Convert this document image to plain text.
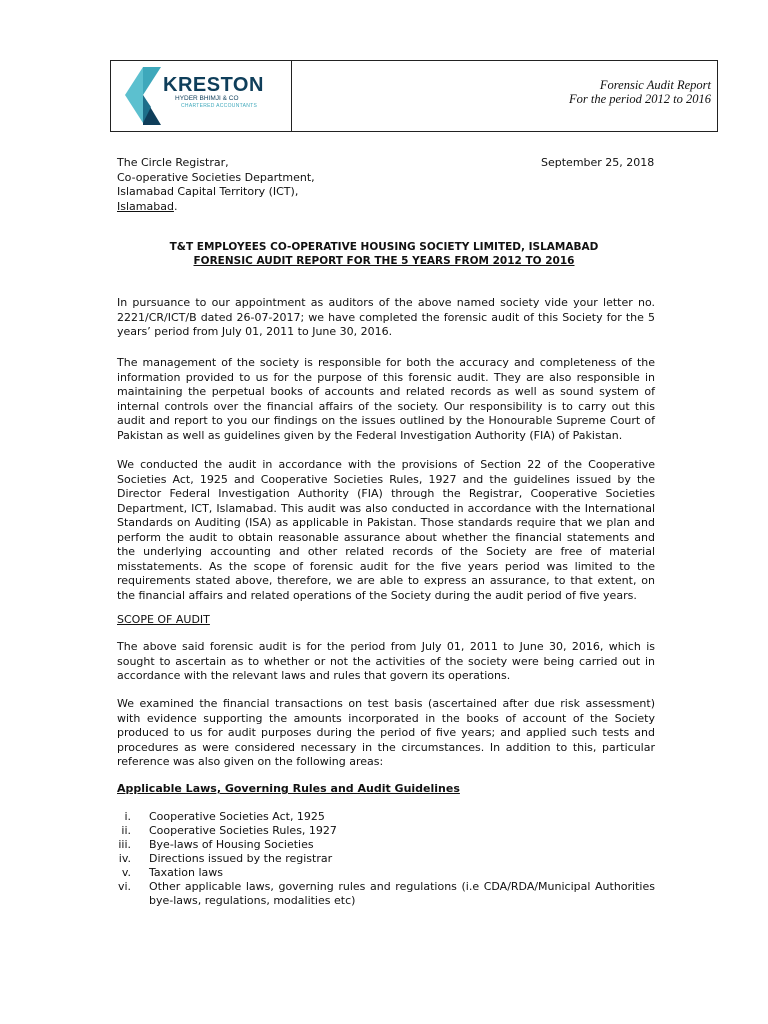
KRESTON
HYDER BHIMJI & CO
CHARTERED ACCOUNTANTS
Forensic Audit Report
For the period 2012 to 2016
The Circle Registrar,
Co-operative Societies Department,
Islamabad Capital Territory (ICT),
Islamabad.
September 25, 2018
T&T EMPLOYEES CO-OPERATIVE HOUSING SOCIETY LIMITED, ISLAMABAD
FORENSIC AUDIT REPORT FOR THE 5 YEARS FROM 2012 TO 2016
In pursuance to our appointment as auditors of the above named society vide your letter no. 2221/CR/ICT/B dated 26-07-2017; we have completed the forensic audit of this Society for the 5 years’ period from July 01, 2011 to June 30, 2016.
The management of the society is responsible for both the accuracy and completeness of the information provided to us for the purpose of this forensic audit. They are also responsible in maintaining the perpetual books of accounts and related records as well as sound system of internal controls over the financial affairs of the society. Our responsibility is to carry out this audit and report to you our findings on the issues outlined by the Honourable Supreme Court of Pakistan as well as guidelines given by the Federal Investigation Authority (FIA) of Pakistan.
We conducted the audit in accordance with the provisions of Section 22 of the Cooperative Societies Act, 1925 and Cooperative Societies Rules, 1927 and the guidelines issued by the Director Federal Investigation Authority (FIA) through the Registrar, Cooperative Societies Department, ICT, Islamabad. This audit was also conducted in accordance with the International Standards on Auditing (ISA) as applicable in Pakistan. Those standards require that we plan and perform the audit to obtain reasonable assurance about whether the financial statements and the underlying accounting and other related records of the Society are free of material misstatements. As the scope of forensic audit for the five years period was limited to the requirements stated above, therefore, we are able to express an assurance, to that extent, on the financial affairs and related operations of the Society during the audit period of five years.
SCOPE OF AUDIT
The above said forensic audit is for the period from July 01, 2011 to June 30, 2016, which is sought to ascertain as to whether or not the activities of the society were being carried out in accordance with the relevant laws and rules that govern its operations.
We examined the financial transactions on test basis (ascertained after due risk assessment) with evidence supporting the amounts incorporated in the books of account of the Society produced to us for audit purposes during the period of five years; and applied such tests and procedures as were considered necessary in the circumstances. In addition to this, particular reference was also given on the following areas:
Applicable Laws, Governing Rules and Audit Guidelines
i.	Cooperative Societies Act, 1925
ii.	Cooperative Societies Rules, 1927
iii.	Bye-laws of Housing Societies
iv.	Directions issued by the registrar
v.	Taxation laws
vi.	Other applicable laws, governing rules and regulations (i.e CDA/RDA/Municipal Authorities bye-laws, regulations, modalities etc)
